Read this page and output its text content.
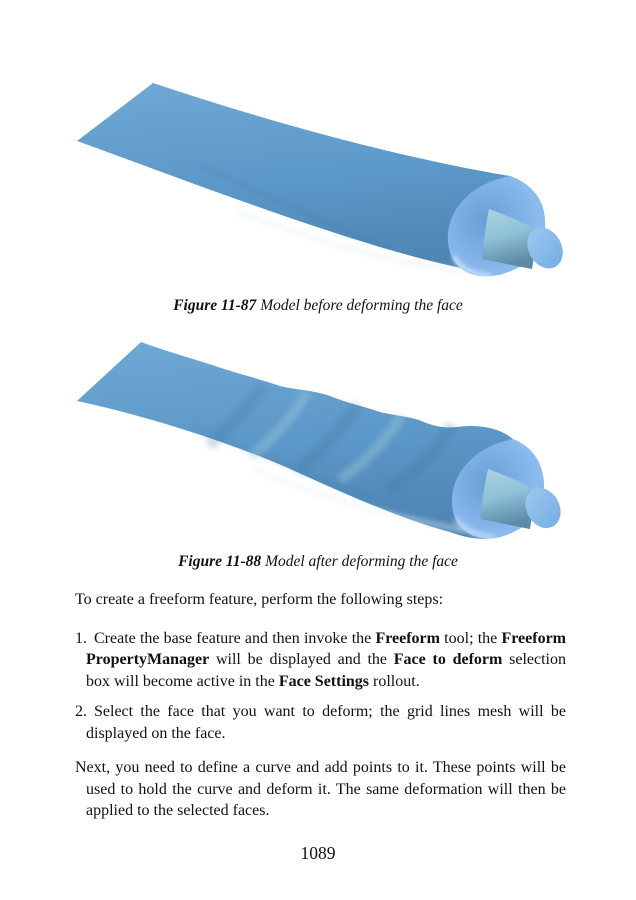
Figure 11-87 Model before deforming the face
Figure 11-88 Model after deforming the face

To create a freeform feature, perform the following steps:

1. Create the base feature and then invoke the Freeform tool; the Freeform PropertyManager will be displayed and the Face to deform selection box will become active in the Face Settings rollout.
2. Select the face that you want to deform; the grid lines mesh will be displayed on the face.

Next, you need to define a curve and add points to it. These points will be used to hold the curve and deform it. The same deformation will then be applied to the selected faces.

1089
